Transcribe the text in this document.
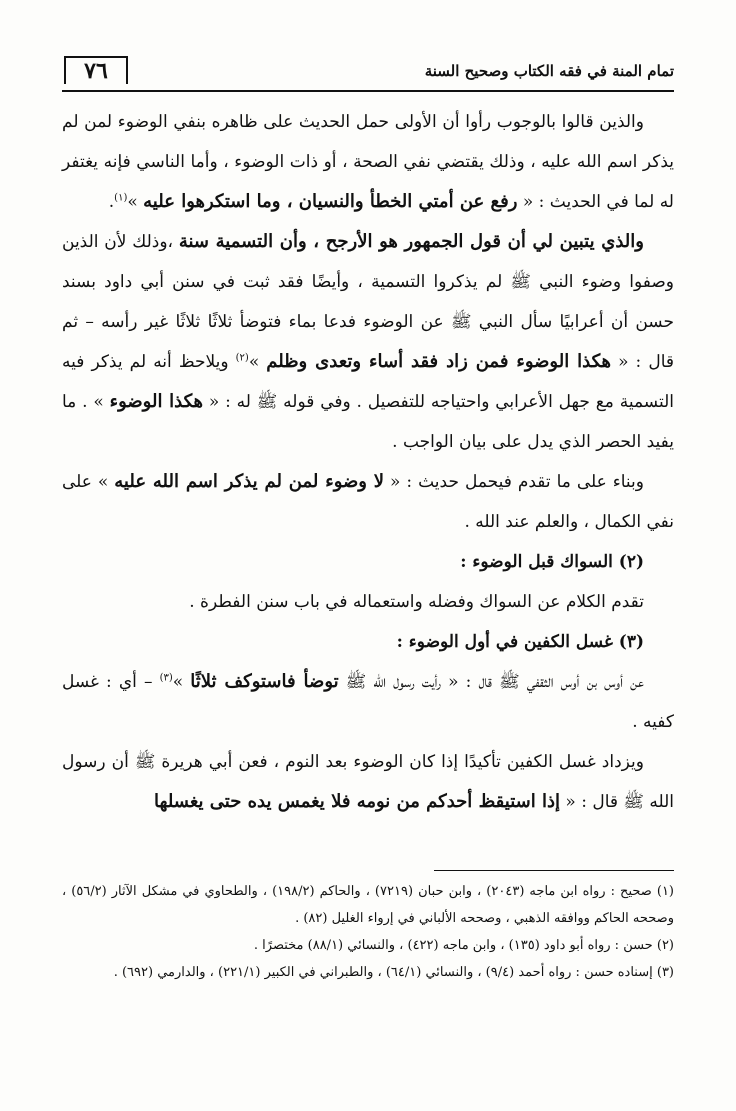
تمام المنة في فقه الكتاب وصحيح السنة
٧٦

والذين قالوا بالوجوب رأوا أن الأولى حمل الحديث على ظاهره بنفي الوضوء لمن لم يذكر اسم الله عليه ، وذلك يقتضي نفي الصحة ، أو ذات الوضوء ، وأما الناسي فإنه يغتفر له لما في الحديث : « رفع عن أمتي الخطأ والنسيان ، وما استكرهوا عليه »$^{(١)}$.

والذي يتبين لي أن قول الجمهور هو الأرجح ، وأن التسمية سنة ،وذلك لأن الذين وصفوا وضوء النبي ﷺ لم يذكروا التسمية ، وأيضًا فقد ثبت في سنن أبي داود بسند حسن أن أعرابيًا سأل النبي ﷺ عن الوضوء فدعا بماء فتوضأ ثلاثًا ثلاثًا غير رأسه – ثم قال : « هكذا الوضوء فمن زاد فقد أساء وتعدى وظلم »$^{(٢)}$ ويلاحظ أنه لم يذكر فيه التسمية مع جهل الأعرابي واحتياجه للتفصيل . وفي قوله ﷺ له : « هكذا الوضوء » . ما يفيد الحصر الذي يدل على بيان الواجب .

وبناء على ما تقدم فيحمل حديث : « لا وضوء لمن لم يذكر اسم الله عليه » على نفي الكمال ، والعلم عند الله .

(٢) السواك قبل الوضوء :

تقدم الكلام عن السواك وفضله واستعماله في باب سنن الفطرة .

(٣) غسل الكفين في أول الوضوء :

عن أوس بن أوس الثقفي ﷺ قال : « رأيت رسول الله ﷺ توضأ فاستوكف ثلاثًا »$^{(٣)}$ – أي : غسل كفيه .

ويزداد غسل الكفين تأكيدًا إذا كان الوضوء بعد النوم ، فعن أبي هريرة ﷺ أن رسول الله ﷺ قال : « إذا استيقظ أحدكم من نومه فلا يغمس يده حتى يغسلها

(١) صحيح : رواه ابن ماجه (٢٠٤٣) ، وابن حبان (٧٢١٩) ، والحاكم (١٩٨/٢) ، والطحاوي في مشكل الآثار (٥٦/٢) ، وصححه الحاكم ووافقه الذهبي ، وصححه الألباني في إرواء الغليل (٨٢) .

(٢) حسن : رواه أبو داود (١٣٥) ، وابن ماجه (٤٢٢) ، والنسائي (٨٨/١) مختصرًا .

(٣) إسناده حسن : رواه أحمد (٩/٤) ، والنسائي (٦٤/١) ، والطبراني في الكبير (٢٢١/١) ، والدارمي (٦٩٢) .
